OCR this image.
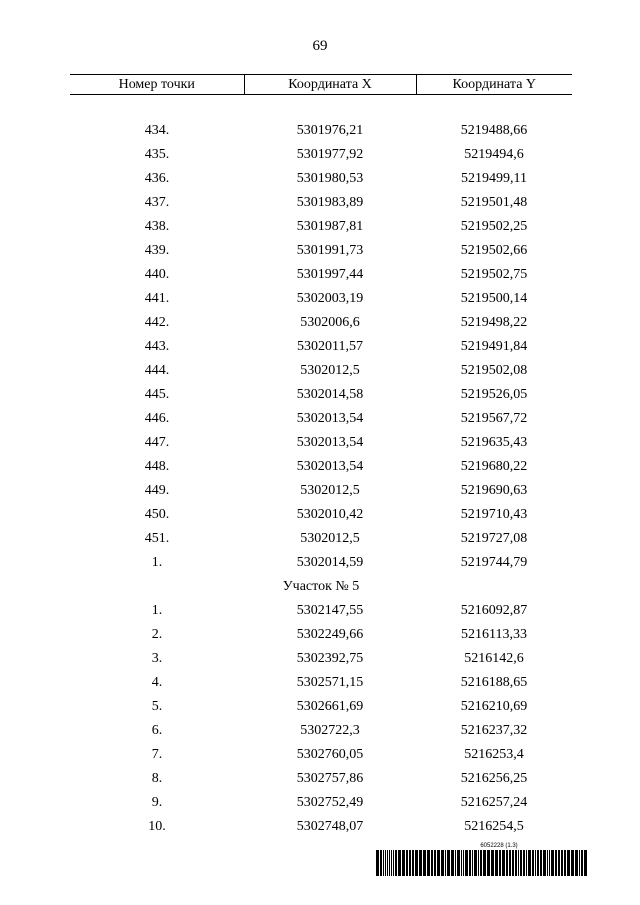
69
Номер точки	Координата X	Координата Y

434.	5301976,21	5219488,66
435.	5301977,92	5219494,6
436.	5301980,53	5219499,11
437.	5301983,89	5219501,48
438.	5301987,81	5219502,25
439.	5301991,73	5219502,66
440.	5301997,44	5219502,75
441.	5302003,19	5219500,14
442.	5302006,6	5219498,22
443.	5302011,57	5219491,84
444.	5302012,5	5219502,08
445.	5302014,58	5219526,05
446.	5302013,54	5219567,72
447.	5302013,54	5219635,43
448.	5302013,54	5219680,22
449.	5302012,5	5219690,63
450.	5302010,42	5219710,43
451.	5302012,5	5219727,08
1.	5302014,59	5219744,79
Участок № 5		
1.	5302147,55	5216092,87
2.	5302249,66	5216113,33
3.	5302392,75	5216142,6
4.	5302571,15	5216188,65
5.	5302661,69	5216210,69
6.	5302722,3	5216237,32
7.	5302760,05	5216253,4
8.	5302757,86	5216256,25
9.	5302752,49	5216257,24
10.	5302748,07	5216254,5
6052228 (1.3)
